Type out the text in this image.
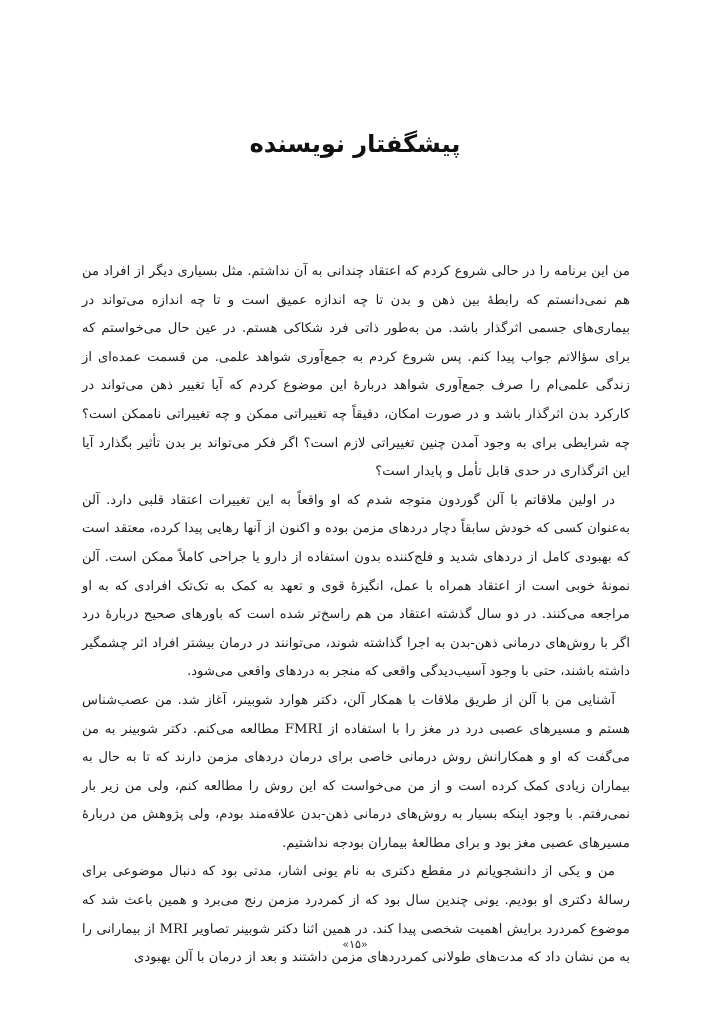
پیشگفتار نویسنده

من این برنامه را در حالی شروع کردم که اعتقاد چندانی به آن نداشتم. مثل بسیاری دیگر از افراد من هم نمی‌دانستم که رابطهٔ بین ذهن و بدن تا چه اندازه عمیق است و تا چه اندازه می‌تواند در بیماری‌های جسمی اثرگذار باشد. من به‌طور ذاتی فرد شکاکی هستم. در عین حال می‌خواستم که برای سؤالاتم جواب پیدا کنم. پس شروع کردم به جمع‌آوری شواهد علمی. من قسمت عمده‌ای از زندگی علمی‌ام را صرف جمع‌آوری شواهد دربارهٔ این موضوع کردم که آیا تغییر ذهن می‌تواند در کارکرد بدن اثرگذار باشد و در صورت امکان، دقیقاً چه تغییراتی ممکن و چه تغییراتی ناممکن است؟ چه شرایطی برای به وجود آمدن چنین تغییراتی لازم است؟ اگر فکر می‌تواند بر بدن تأثیر بگذارد آیا این اثرگذاری در حدی قابل تأمل و پایدار است؟

در اولین ملاقاتم با آلن گوردون متوجه شدم که او واقعاً به این تغییرات اعتقاد قلبی دارد. آلن به‌عنوان کسی که خودش سابقاً دچار دردهای مزمن بوده و اکنون از آنها رهایی پیدا کرده، معتقد است که بهبودی کامل از دردهای شدید و فلج‌کننده بدون استفاده از دارو یا جراحی کاملاً ممکن است. آلن نمونهٔ خوبی است از اعتقاد همراه با عمل، انگیزهٔ قوی و تعهد به کمک به تک‌تک افرادی که به او مراجعه می‌کنند. در دو سال گذشته اعتقاد من هم راسخ‌تر شده است که باورهای صحیح دربارهٔ درد اگر با روش‌های درمانی ذهن-بدن به اجرا گذاشته شوند، می‌توانند در درمان بیشتر افراد اثر چشمگیر داشته باشند، حتی با وجود آسیب‌دیدگی واقعی که منجر به دردهای واقعی می‌شود.

آشنایی من با آلن از طریق ملاقات با همکار آلن، دکتر هوارد شوبینر، آغاز شد. من عصب‌شناس هستم و مسیرهای عصبی درد در مغز را با استفاده از FMRI مطالعه می‌کنم. دکتر شوبینر به من می‌گفت که او و همکارانش روش درمانی خاصی برای درمان دردهای مزمن دارند که تا به حال به بیماران زیادی کمک کرده است و از من می‌خواست که این روش را مطالعه کنم، ولی من زیر بار نمی‌رفتم. با وجود اینکه بسیار به روش‌های درمانی ذهن-بدن علاقه‌مند بودم، ولی پژوهش من دربارهٔ مسیرهای عصبی مغز بود و برای مطالعهٔ بیماران بودجه نداشتیم.

من و یکی از دانشجویانم در مقطع دکتری به نام یونی اشار، مدتی بود که دنبال موضوعی برای رسالهٔ دکتری او بودیم. یونی چندین سال بود که از کمردرد مزمن رنج می‌برد و همین باعث شد که موضوع کمردرد برایش اهمیت شخصی پیدا کند. در همین اثنا دکتر شوبینر تصاویر MRI از بیمارانی را به من نشان داد که مدت‌های طولانی کمردردهای مزمن داشتند و بعد از درمان با آلن بهبودی

«۱۵»
